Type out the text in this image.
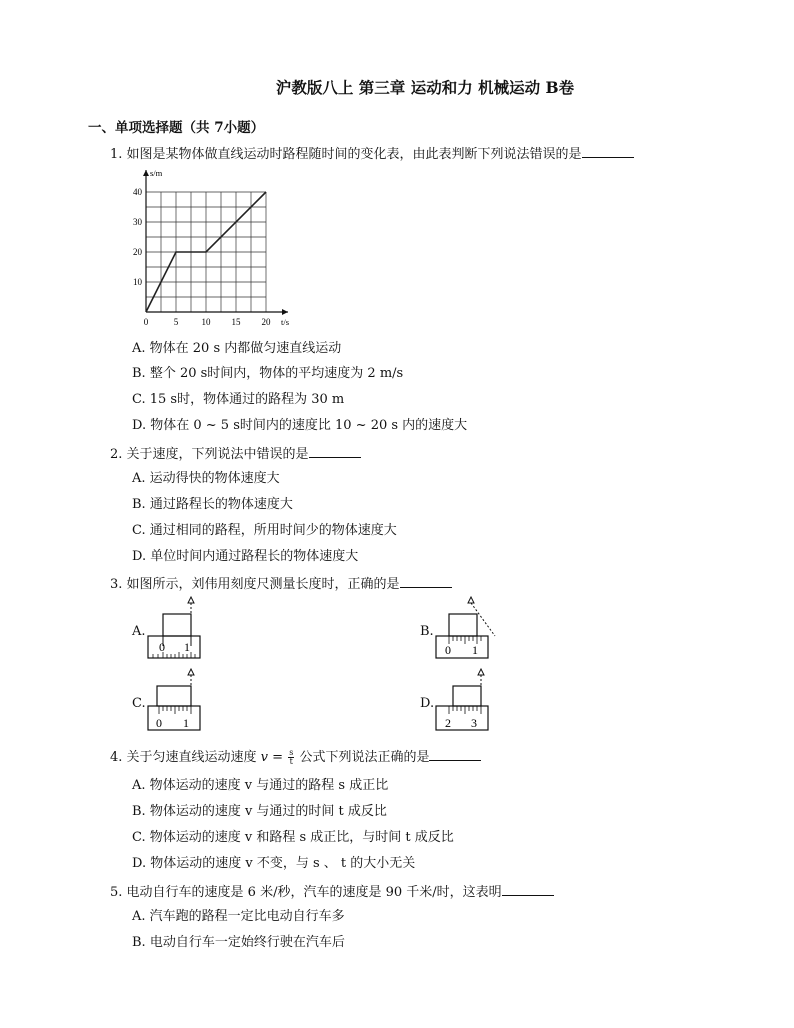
沪教版八上 第三章 运动和力 机械运动 B卷
一、单项选择题（共 7小题）
1. 如图是某物体做直线运动时路程随时间的变化表，由此表判断下列说法错误的是
0	5	10 15 20
10
20
30
40
t/s
s/m
A. 物体在 20 s 内都做匀速直线运动
B. 整个 20 s时间内，物体的平均速度为 2 m/s
C. 15 s时，物体通过的路程为 30 m
D. 物体在 0 ~ 5 s时间内的速度比 10 ~ 20 s 内的速度大
2. 关于速度，下列说法中错误的是
A. 运动得快的物体速度大
B. 通过路程长的物体速度大
C. 通过相同的路程，所用时间少的物体速度大
D. 单位时间内通过路程长的物体速度大
3. 如图所示，刘伟用刻度尺测量长度时，正确的是
A.	B.
C.	D.
0 1	0 1
0 1	2 3
4. 关于匀速直线运动速度 $v = \frac{s}{t}$ 公式下列说法正确的是
A. 物体运动的速度 v 与通过的路程 s 成正比
B. 物体运动的速度 v 与通过的时间 t 成反比
C. 物体运动的速度 v 和路程 s 成正比，与时间 t 成反比
D. 物体运动的速度 v 不变，与 s 、 t 的大小无关
5. 电动自行车的速度是 6 米/秒，汽车的速度是 90 千米/时，这表明
A. 汽车跑的路程一定比电动自行车多
B. 电动自行车一定始终行驶在汽车后
